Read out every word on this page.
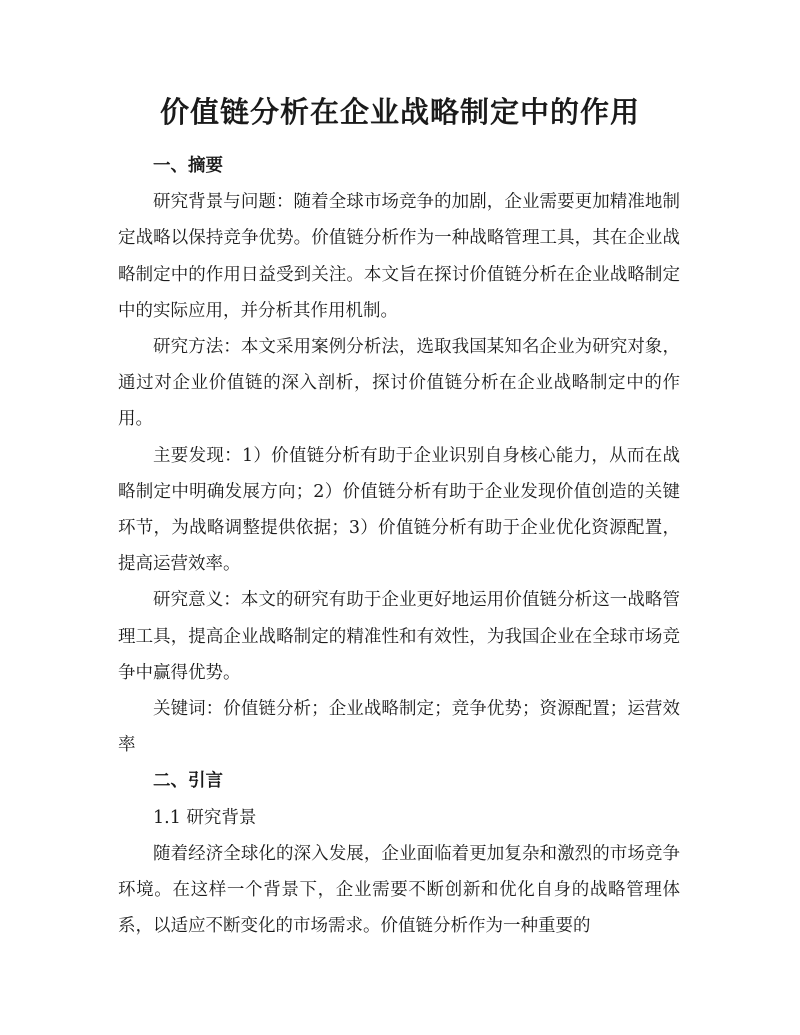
价值链分析在企业战略制定中的作用

一、摘要

研究背景与问题：随着全球市场竞争的加剧，企业需要更加精准地制定战略以保持竞争优势。价值链分析作为一种战略管理工具，其在企业战略制定中的作用日益受到关注。本文旨在探讨价值链分析在企业战略制定中的实际应用，并分析其作用机制。

研究方法：本文采用案例分析法，选取我国某知名企业为研究对象，通过对企业价值链的深入剖析，探讨价值链分析在企业战略制定中的作用。

主要发现：1）价值链分析有助于企业识别自身核心能力，从而在战略制定中明确发展方向；2）价值链分析有助于企业发现价值创造的关键环节，为战略调整提供依据；3）价值链分析有助于企业优化资源配置，提高运营效率。

研究意义：本文的研究有助于企业更好地运用价值链分析这一战略管理工具，提高企业战略制定的精准性和有效性，为我国企业在全球市场竞争中赢得优势。

关键词：价值链分析；企业战略制定；竞争优势；资源配置；运营效率

二、引言

1.1 研究背景

随着经济全球化的深入发展，企业面临着更加复杂和激烈的市场竞争环境。在这样一个背景下，企业需要不断创新和优化自身的战略管理体系，以适应不断变化的市场需求。价值链分析作为一种重要的
